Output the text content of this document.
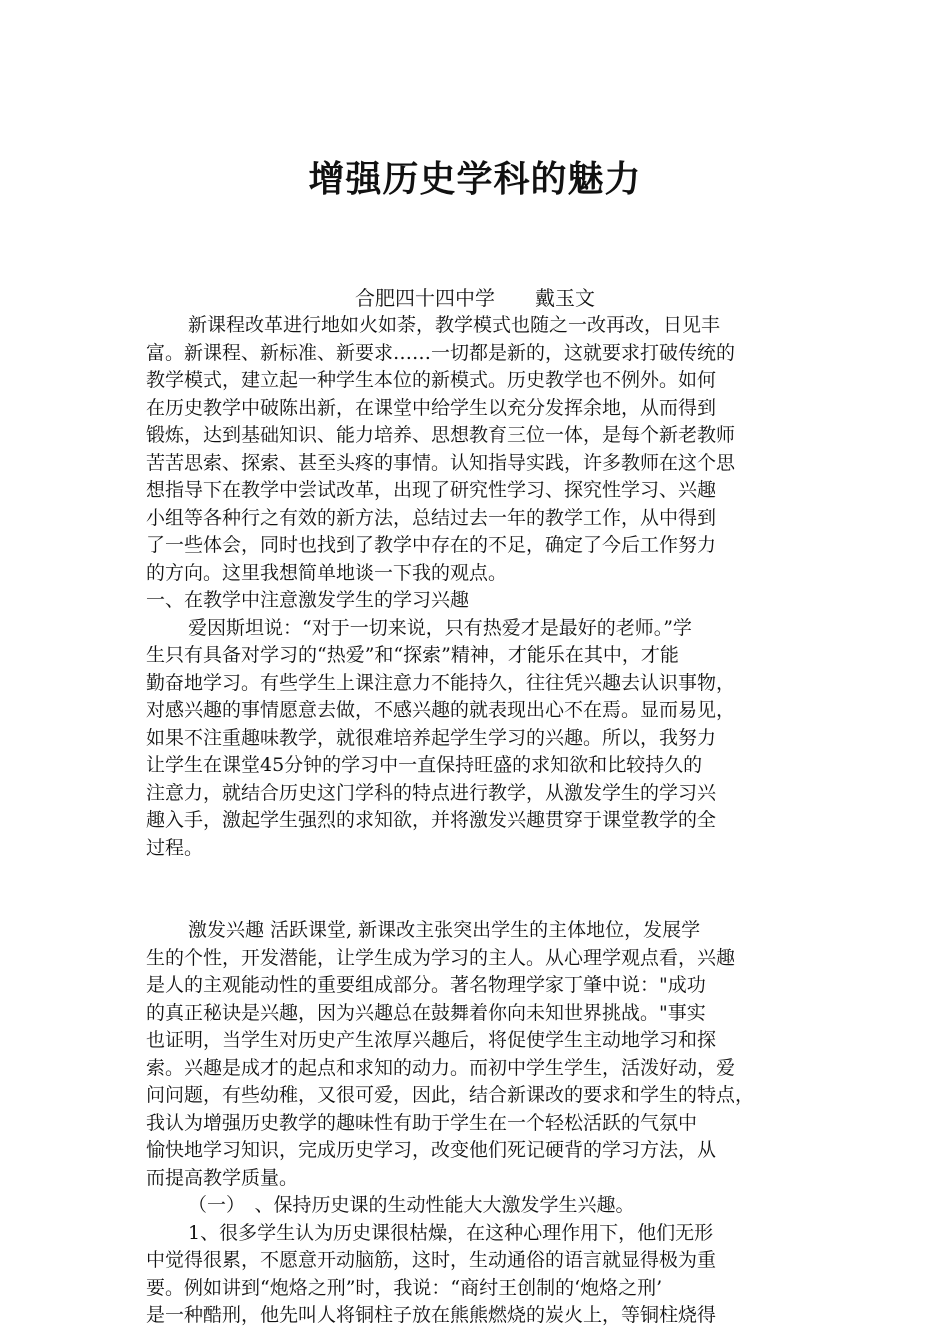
增强历史学科的魅力
合肥四十四中学　　戴玉文

新课程改革进行地如火如荼，教学模式也随之一改再改，日见丰
富。新课程、新标准、新要求……一切都是新的，这就要求打破传统的
教学模式，建立起一种学生本位的新模式。历史教学也不例外。如何
在历史教学中破陈出新，在课堂中给学生以充分发挥余地，从而得到
锻炼，达到基础知识、能力培养、思想教育三位一体，是每个新老教师
苦苦思索、探索、甚至头疼的事情。认知指导实践，许多教师在这个思
想指导下在教学中尝试改革，出现了研究性学习、探究性学习、兴趣
小组等各种行之有效的新方法，总结过去一年的教学工作，从中得到
了一些体会，同时也找到了教学中存在的不足，确定了今后工作努力
的方向。这里我想简单地谈一下我的观点。

一、在教学中注意激发学生的学习兴趣

爱因斯坦说：“对于一切来说，只有热爱才是最好的老师。”学
生只有具备对学习的“热爱”和“探索”精神，才能乐在其中，才能
勤奋地学习。有些学生上课注意力不能持久，往往凭兴趣去认识事物，
对感兴趣的事情愿意去做，不感兴趣的就表现出心不在焉。显而易见，
如果不注重趣味教学，就很难培养起学生学习的兴趣。所以，我努力
让学生在课堂45分钟的学习中一直保持旺盛的求知欲和比较持久的
注意力，就结合历史这门学科的特点进行教学，从激发学生的学习兴
趣入手，激起学生强烈的求知欲，并将激发兴趣贯穿于课堂教学的全
过程。

激发兴趣 活跃课堂, 新课改主张突出学生的主体地位，发展学
生的个性，开发潜能，让学生成为学习的主人。从心理学观点看，兴趣
是人的主观能动性的重要组成部分。著名物理学家丁肇中说："成功
的真正秘诀是兴趣，因为兴趣总在鼓舞着你向未知世界挑战。"事实
也证明，当学生对历史产生浓厚兴趣后，将促使学生主动地学习和探
索。兴趣是成才的起点和求知的动力。而初中学生学生，活泼好动，爱
问问题，有些幼稚，又很可爱，因此，结合新课改的要求和学生的特点，
我认为增强历史教学的趣味性有助于学生在一个轻松活跃的气氛中
愉快地学习知识，完成历史学习，改变他们死记硬背的学习方法，从
而提高教学质量。

（一）　、保持历史课的生动性能大大激发学生兴趣。

1、很多学生认为历史课很枯燥，在这种心理作用下，他们无形
中觉得很累，不愿意开动脑筋，这时，生动通俗的语言就显得极为重
要。例如讲到“炮烙之刑”时，我说：“商纣王创制的‘炮烙之刑’
是一种酷刑，他先叫人将铜柱子放在熊熊燃烧的炭火上，等铜柱烧得
